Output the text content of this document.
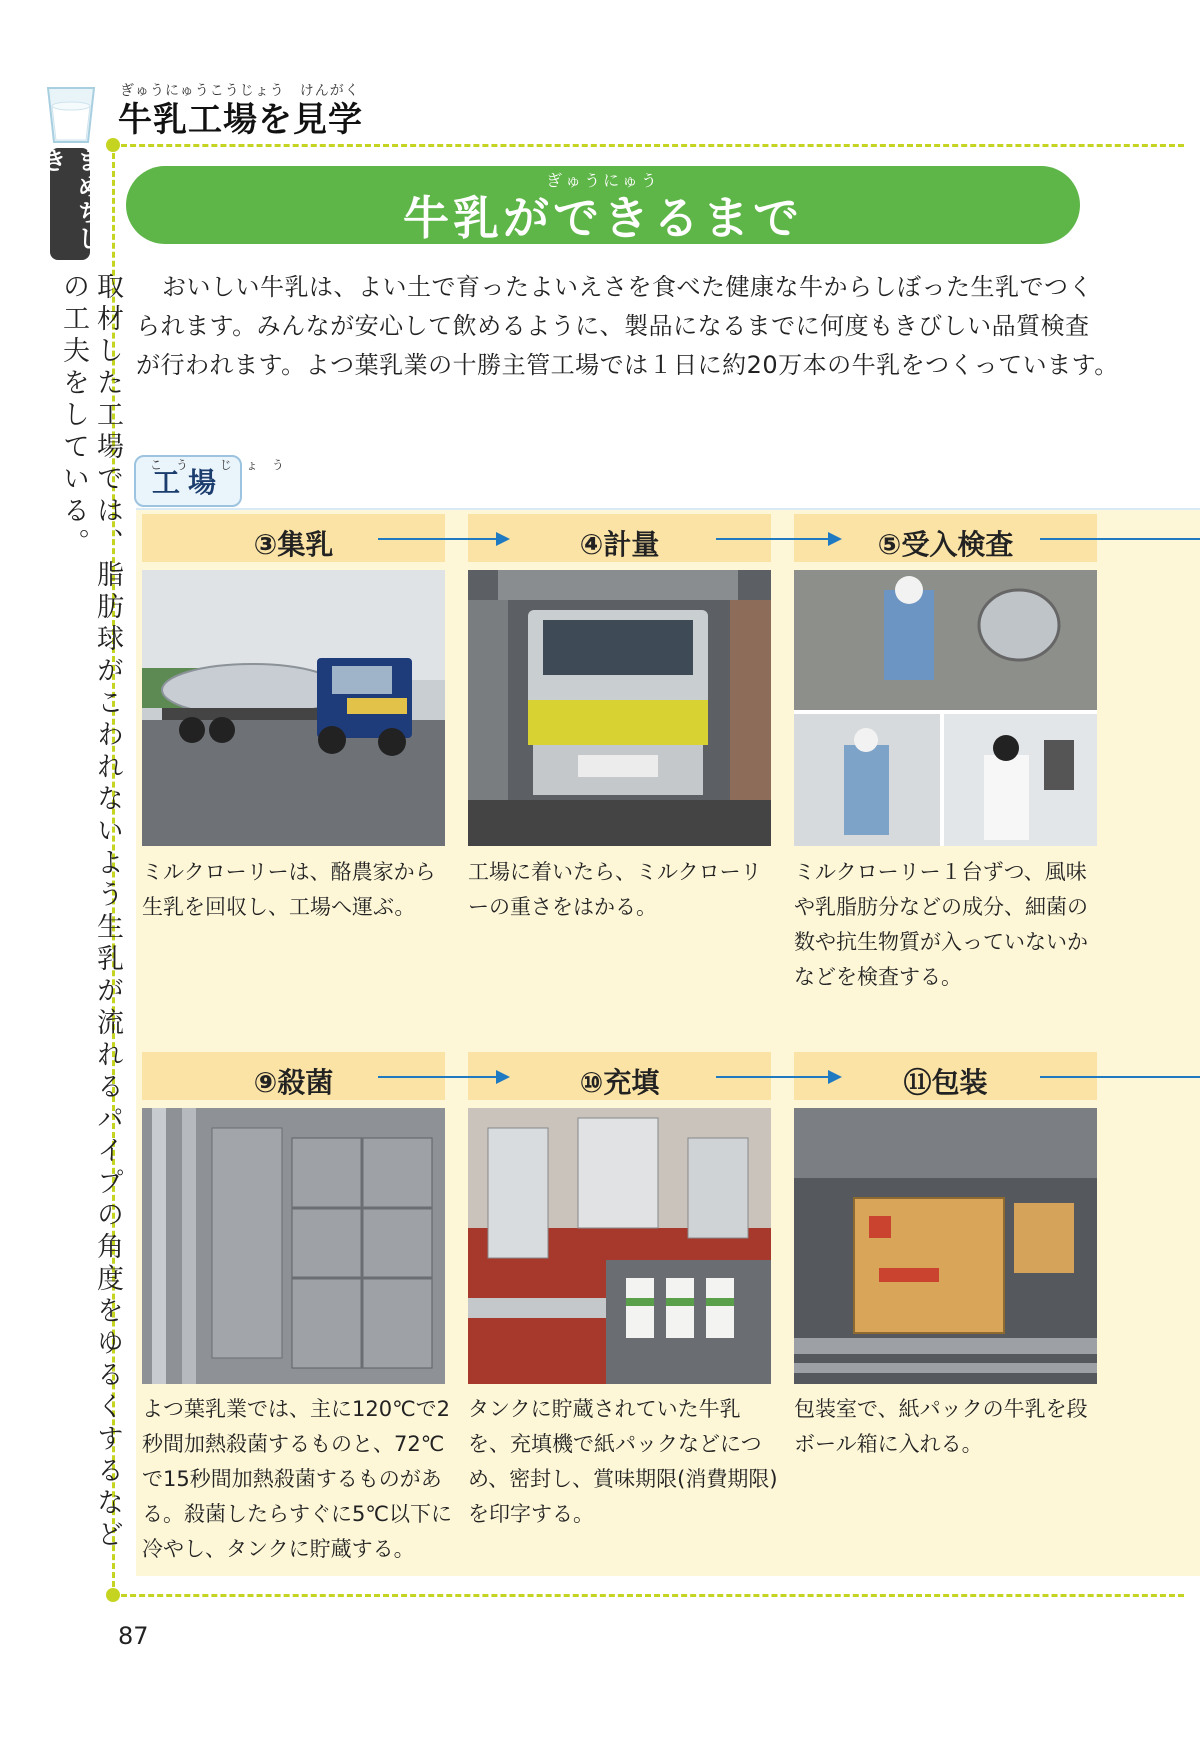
ぎゅうにゅうこうじょう　けんがく
牛乳工場を見学
まめちしき
取材した工場では、脂肪球がこわれないよう生乳が流れるパイプの角度をゆるくするなどの工夫をしている。
ぎゅうにゅう
牛乳ができるまで
おいしい牛乳は、よい土で育ったよいえさを食べた健康な牛からしぼった生乳でつく
られます。みんなが安心して飲めるように、製品になるまでに何度もきびしい品質検査
が行われます。よつ葉乳業の十勝主管工場では１日に約20万本の牛乳をつくっています。
工場
こう じょう
③集乳	④計量	⑤受入検査
ミルクローリーは、酪農家から生乳を回収し、工場へ運ぶ。
工場に着いたら、ミルクローリーの重さをはかる。
ミルクローリー１台ずつ、風味や乳脂肪分などの成分、細菌の数や抗生物質が入っていないかなどを検査する。
⑨殺菌	⑩充填	⑪包装
よつ葉乳業では、主に120℃で2秒間加熱殺菌するものと、72℃で15秒間加熱殺菌するものがある。殺菌したらすぐに5℃以下に冷やし、タンクに貯蔵する。
タンクに貯蔵されていた牛乳を、充填機で紙パックなどにつめ、密封し、賞味期限(消費期限)を印字する。
包装室で、紙パックの牛乳を段ボール箱に入れる。
87
